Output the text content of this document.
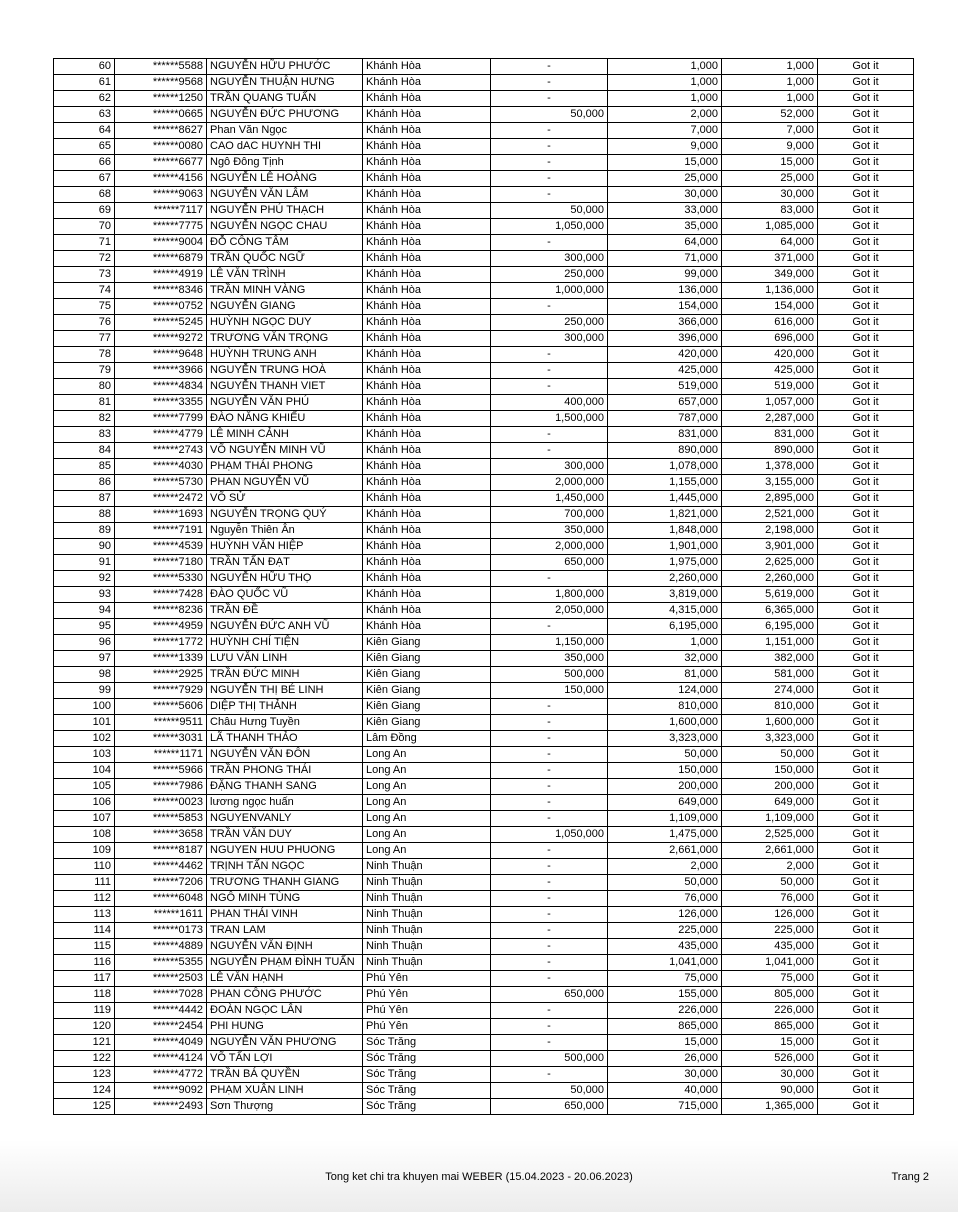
60	******5588	NGUYỄN HỮU PHƯỚC	Khánh Hòa	-	1,000	1,000	Got it
61	******9568	NGUYỄN THUẬN HƯNG	Khánh Hòa	-	1,000	1,000	Got it
62	******1250	TRẦN QUANG TUẤN	Khánh Hòa	-	1,000	1,000	Got it
63	******0665	NGUYỄN ĐỨC PHƯƠNG	Khánh Hòa	50,000	2,000	52,000	Got it
64	******8627	Phan Văn Ngọc	Khánh Hòa	-	7,000	7,000	Got it
65	******0080	CAO dAC HUYNH THI	Khánh Hòa	-	9,000	9,000	Got it
66	******6677	Ngô Đông Tịnh	Khánh Hòa	-	15,000	15,000	Got it
67	******4156	NGUYỄN LÊ HOÀNG	Khánh Hòa	-	25,000	25,000	Got it
68	******9063	NGUYỄN VĂN LÂM	Khánh Hòa	-	30,000	30,000	Got it
69	******7117	NGUYỄN PHÚ THẠCH	Khánh Hòa	50,000	33,000	83,000	Got it
70	******7775	NGUYỄN NGỌC CHAU	Khánh Hòa	1,050,000	35,000	1,085,000	Got it
71	******9004	ĐỖ CÔNG TÂM	Khánh Hòa	-	64,000	64,000	Got it
72	******6879	TRẦN QUỐC NGỮ	Khánh Hòa	300,000	71,000	371,000	Got it
73	******4919	LÊ VĂN TRÌNH	Khánh Hòa	250,000	99,000	349,000	Got it
74	******8346	TRẦN MINH VÀNG	Khánh Hòa	1,000,000	136,000	1,136,000	Got it
75	******0752	NGUYỄN GIANG	Khánh Hòa	-	154,000	154,000	Got it
76	******5245	HUỲNH NGỌC DUY	Khánh Hòa	250,000	366,000	616,000	Got it
77	******9272	TRƯƠNG VĂN TRỌNG	Khánh Hòa	300,000	396,000	696,000	Got it
78	******9648	HUỲNH TRUNG ANH	Khánh Hòa	-	420,000	420,000	Got it
79	******3966	NGUYỄN TRUNG HOÀ	Khánh Hòa	-	425,000	425,000	Got it
80	******4834	NGUYỄN THANH VIET	Khánh Hòa	-	519,000	519,000	Got it
81	******3355	NGUYỄN VĂN PHÚ	Khánh Hòa	400,000	657,000	1,057,000	Got it
82	******7799	ĐÀO NĂNG KHIẾU	Khánh Hòa	1,500,000	787,000	2,287,000	Got it
83	******4779	LÊ MINH CẢNH	Khánh Hòa	-	831,000	831,000	Got it
84	******2743	VÕ NGUYỄN MINH VŨ	Khánh Hòa	-	890,000	890,000	Got it
85	******4030	PHẠM THÁI PHONG	Khánh Hòa	300,000	1,078,000	1,378,000	Got it
86	******5730	PHAN NGUYỄN VŨ	Khánh Hòa	2,000,000	1,155,000	3,155,000	Got it
87	******2472	VÕ SỬ	Khánh Hòa	1,450,000	1,445,000	2,895,000	Got it
88	******1693	NGUYỄN TRỌNG QUÝ	Khánh Hòa	700,000	1,821,000	2,521,000	Got it
89	******7191	Nguyễn Thiên Ân	Khánh Hòa	350,000	1,848,000	2,198,000	Got it
90	******4539	HUỲNH VĂN HIỆP	Khánh Hòa	2,000,000	1,901,000	3,901,000	Got it
91	******7180	TRẦN TẤN ĐẠT	Khánh Hòa	650,000	1,975,000	2,625,000	Got it
92	******5330	NGUYỄN HỮU THỌ	Khánh Hòa	-	2,260,000	2,260,000	Got it
93	******7428	ĐÀO QUỐC VŨ	Khánh Hòa	1,800,000	3,819,000	5,619,000	Got it
94	******8236	TRẦN ĐỀ	Khánh Hòa	2,050,000	4,315,000	6,365,000	Got it
95	******4959	NGUYỄN ĐỨC ANH VŨ	Khánh Hòa	-	6,195,000	6,195,000	Got it
96	******1772	HUỲNH CHÍ TIỆN	Kiên Giang	1,150,000	1,000	1,151,000	Got it
97	******1339	LƯU VĂN LINH	Kiên Giang	350,000	32,000	382,000	Got it
98	******2925	TRẦN ĐỨC MINH	Kiên Giang	500,000	81,000	581,000	Got it
99	******7929	NGUYỄN THỊ BÉ LINH	Kiên Giang	150,000	124,000	274,000	Got it
100	******5606	DIỆP THỊ THẢNH	Kiên Giang	-	810,000	810,000	Got it
101	******9511	Châu Hưng Tuyền	Kiên Giang	-	1,600,000	1,600,000	Got it
102	******3031	LÃ THANH THẢO	Lâm Đồng	-	3,323,000	3,323,000	Got it
103	******1171	NGUYỄN VĂN ĐÔN	Long An	-	50,000	50,000	Got it
104	******5966	TRẦN PHONG THÁI	Long An	-	150,000	150,000	Got it
105	******7986	ĐẶNG THANH SANG	Long An	-	200,000	200,000	Got it
106	******0023	lương ngọc huấn	Long An	-	649,000	649,000	Got it
107	******5853	NGUYENVANLY	Long An	-	1,109,000	1,109,000	Got it
108	******3658	TRẦN VĂN DUY	Long An	1,050,000	1,475,000	2,525,000	Got it
109	******8187	NGUYEN HUU PHUONG	Long An	-	2,661,000	2,661,000	Got it
110	******4462	TRỊNH TẤN NGỌC	Ninh Thuận	-	2,000	2,000	Got it
111	******7206	TRƯƠNG THANH GIANG	Ninh Thuận	-	50,000	50,000	Got it
112	******6048	NGÔ MINH TÙNG	Ninh Thuận	-	76,000	76,000	Got it
113	******1611	PHAN THÁI VINH	Ninh Thuận	-	126,000	126,000	Got it
114	******0173	TRAN LAM	Ninh Thuận	-	225,000	225,000	Got it
115	******4889	NGUYỄN VĂN ĐỊNH	Ninh Thuận	-	435,000	435,000	Got it
116	******5355	NGUYỄN PHẠM ĐÌNH TUẤN	Ninh Thuận	-	1,041,000	1,041,000	Got it
117	******2503	LÊ VĂN HẠNH	Phú Yên	-	75,000	75,000	Got it
118	******7028	PHAN CÔNG PHƯỚC	Phú Yên	650,000	155,000	805,000	Got it
119	******4442	ĐOÀN NGỌC LÂN	Phú Yên	-	226,000	226,000	Got it
120	******2454	PHI HUNG	Phú Yên	-	865,000	865,000	Got it
121	******4049	NGUYỄN VĂN PHƯƠNG	Sóc Trăng	-	15,000	15,000	Got it
122	******4124	VÕ TẤN LỢI	Sóc Trăng	500,000	26,000	526,000	Got it
123	******4772	TRẦN BÁ QUYỀN	Sóc Trăng	-	30,000	30,000	Got it
124	******9092	PHẠM XUÂN LINH	Sóc Trăng	50,000	40,000	90,000	Got it
125	******2493	Sơn Thượng	Sóc Trăng	650,000	715,000	1,365,000	Got it
Tong ket chi tra khuyen mai WEBER (15.04.2023 - 20.06.2023)	Trang 2
